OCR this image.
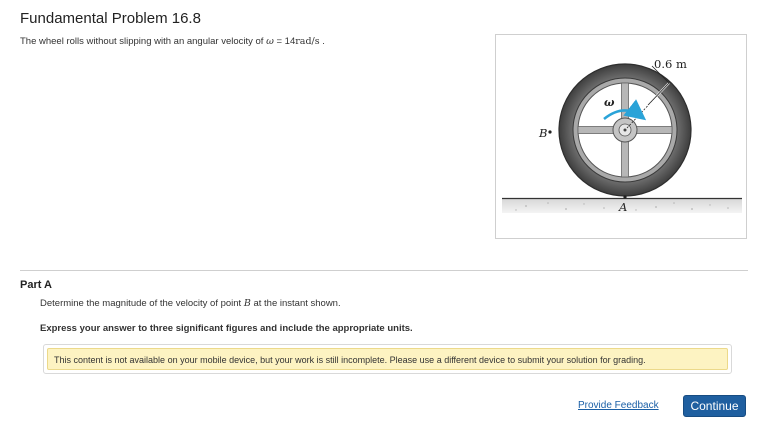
Fundamental Problem 16.8
The wheel rolls without slipping with an angular velocity of ω = 14rad/s .
0.6 m
ω
B
A
Part A
Determine the magnitude of the velocity of point B at the instant shown.
Express your answer to three significant figures and include the appropriate units.
This content is not available on your mobile device, but your work is still incomplete. Please use a different device to submit your solution for grading.
Provide Feedback	Continue
